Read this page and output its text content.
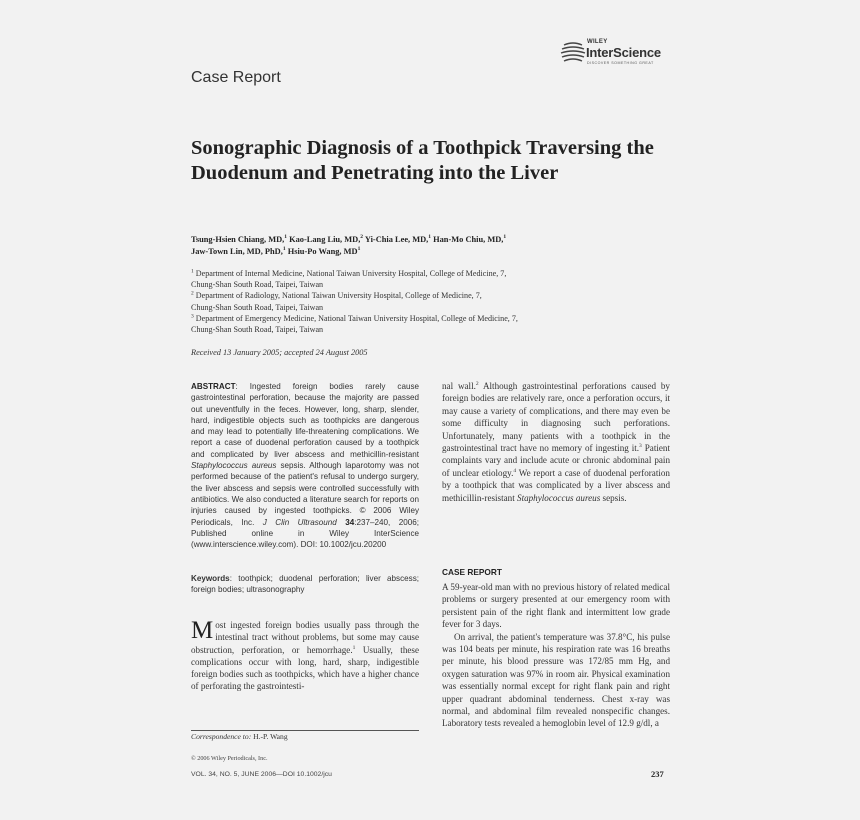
WILEY
InterScience
DISCOVER SOMETHING GREAT
Case Report
Sonographic Diagnosis of a Toothpick Traversing the Duodenum and Penetrating into the Liver
Tsung-Hsien Chiang, MD,$^1$ Kao-Lang Liu, MD,$^2$ Yi-Chia Lee, MD,$^1$ Han-Mo Chiu, MD,$^1$
Jaw-Town Lin, MD, PhD,$^1$ Hsiu-Po Wang, $MD^1$
$^1$ Department of Internal Medicine, National Taiwan University Hospital, College of Medicine, 7,
Chung-Shan South Road, Taipei, Taiwan
$^2$ Department of Radiology, National Taiwan University Hospital, College of Medicine, 7,
Chung-Shan South Road, Taipei, Taiwan
$^3$ Department of Emergency Medicine, National Taiwan University Hospital, College of Medicine, 7,
Chung-Shan South Road, Taipei, Taiwan
Received 13 January 2005; accepted 24 August 2005
ABSTRACT: Ingested foreign bodies rarely cause gastrointestinal perforation, because the majority are passed out uneventfully in the feces. However, long, sharp, slender, hard, indigestible objects such as toothpicks are dangerous and may lead to potentially life-threatening complications. We report a case of duodenal perforation caused by a toothpick and complicated by liver abscess and methicillin-resistant Staphylococcus aureus sepsis. Although laparotomy was not performed because of the patient's refusal to undergo surgery, the liver abscess and sepsis were controlled successfully with antibiotics. We also conducted a literature search for reports on injuries caused by ingested toothpicks. © 2006 Wiley Periodicals, Inc. J Clin Ultrasound 34:237–240, 2006; Published online in Wiley InterScience (www.interscience.wiley.com). DOI: 10.1002/jcu.20200
Keywords: toothpick; duodenal perforation; liver abscess; foreign bodies; ultrasonography
Most ingested foreign bodies usually pass through the intestinal tract without problems, but some may cause obstruction, perforation, or hemorrhage.$^1$ Usually, these complications occur with long, hard, sharp, indigestible foreign bodies such as toothpicks, which have a higher chance of perforating the gastrointesti-
Correspondence to: H.-P. Wang
© 2006 Wiley Periodicals, Inc.
VOL. 34, NO. 5, JUNE 2006—DOI 10.1002/jcu	237
nal wall.$^2$ Although gastrointestinal perforations caused by foreign bodies are relatively rare, once a perforation occurs, it may cause a variety of complications, and there may even be some difficulty in diagnosing such perforations. Unfortunately, many patients with a toothpick in the gastrointestinal tract have no memory of ingesting it.$^3$ Patient complaints vary and include acute or chronic abdominal pain of unclear etiology.$^4$ We report a case of duodenal perforation by a toothpick that was complicated by a liver abscess and methicillin-resistant Staphylococcus aureus sepsis.
CASE REPORT

A 59-year-old man with no previous history of related medical problems or surgery presented at our emergency room with persistent pain of the right flank and intermittent low grade fever for 3 days.

On arrival, the patient's temperature was 37.8°C, his pulse was 104 beats per minute, his respiration rate was 16 breaths per minute, his blood pressure was 172/85 mm Hg, and oxygen saturation was 97% in room air. Physical examination was essentially normal except for right flank pain and right upper quadrant abdominal tenderness. Chest x-ray was normal, and abdominal film revealed nonspecific changes. Laboratory tests revealed a hemoglobin level of 12.9 g/dl, a
